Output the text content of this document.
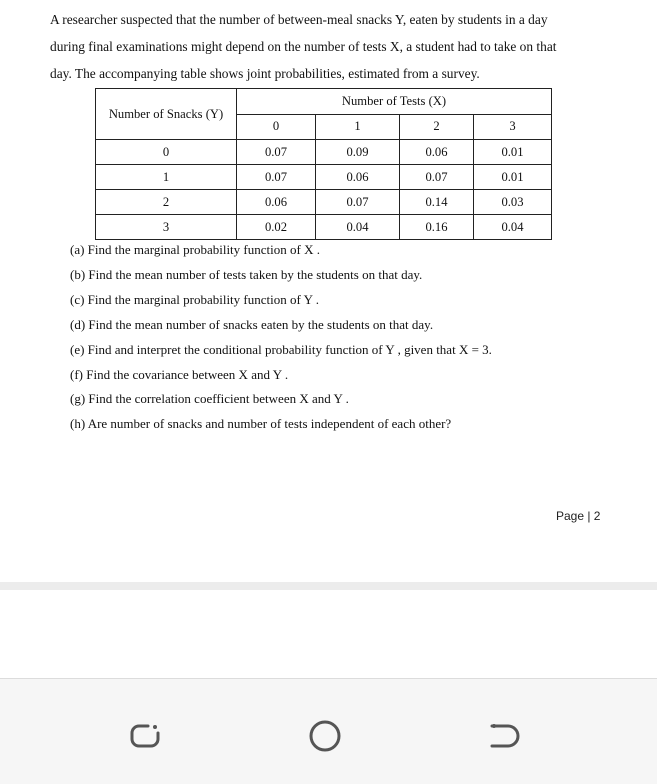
A researcher suspected that the number of between-meal snacks Y, eaten by students in a day

during final examinations might depend on the number of tests X, a student had to take on that

day. The accompanying table shows joint probabilities, estimated from a survey.

Number of Snacks (Y)	Number of Tests (X)			
	0	1	2	3
0	0.07	0.09	0.06	0.01
1	0.07	0.06	0.07	0.01
2	0.06	0.07	0.14	0.03
3	0.02	0.04	0.16	0.04
(a) Find the marginal probability function of X .
(b) Find the mean number of tests taken by the students on that day.
(c) Find the marginal probability function of Y .
(d) Find the mean number of snacks eaten by the students on that day.
(e) Find and interpret the conditional probability function of Y , given that X = 3.
(f) Find the covariance between X and Y .
(g) Find the correlation coefficient between X and Y .
(h) Are number of snacks and number of tests independent of each other?
Page | 2
